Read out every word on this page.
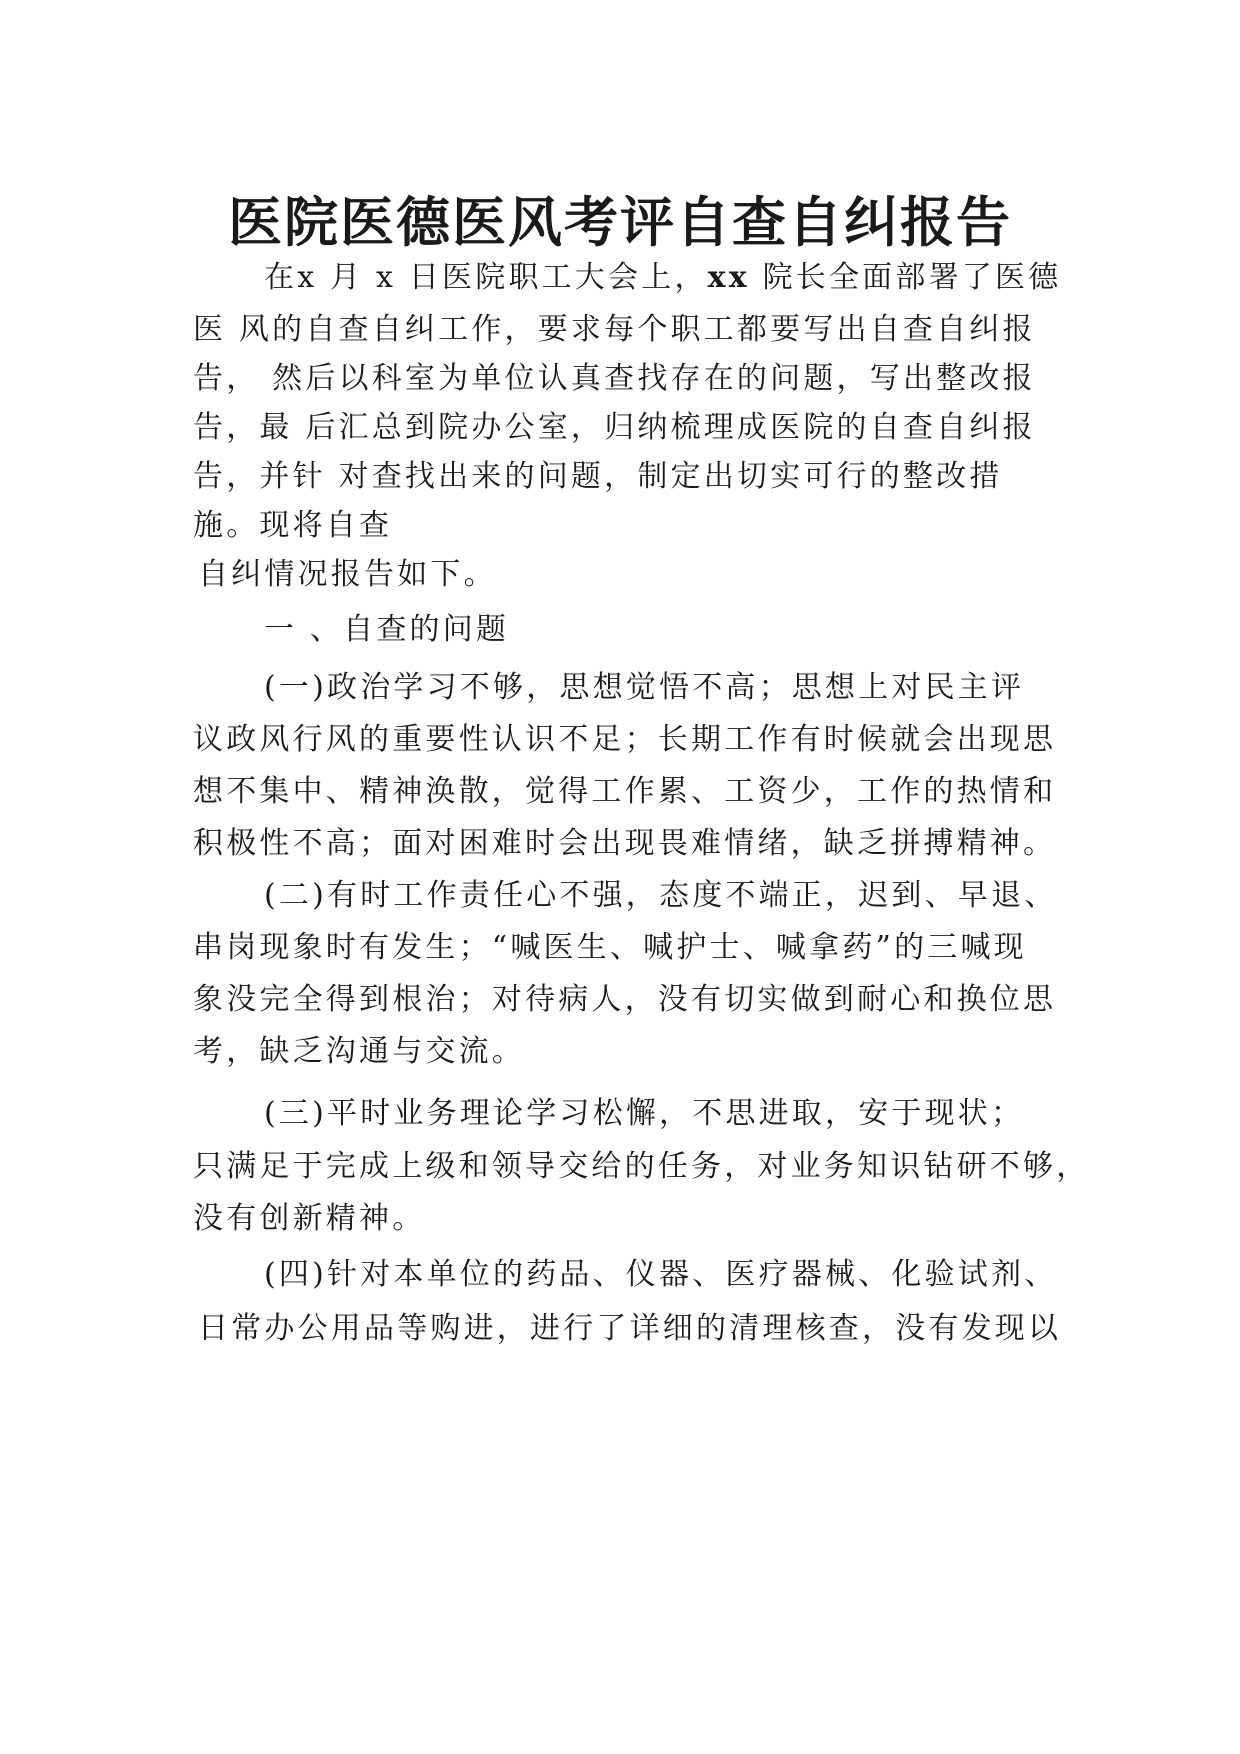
医院医德医风考评自查自纠报告

在x 月 x 日医院职工大会上，xx 院长全面部署了医德

医 风的自查自纠工作，要求每个职工都要写出自查自纠报

告， 然后以科室为单位认真查找存在的问题，写出整改报

告，最 后汇总到院办公室，归纳梳理成医院的自查自纠报

告，并针 对查找出来的问题，制定出切实可行的整改措

施。现将自查

自纠情况报告如下。

一 、自查的问题

(一)政治学习不够，思想觉悟不高；思想上对民主评

议政风行风的重要性认识不足；长期工作有时候就会出现思

想不集中、精神涣散，觉得工作累、工资少，工作的热情和

积极性不高；面对困难时会出现畏难情绪，缺乏拼搏精神。

(二)有时工作责任心不强，态度不端正，迟到、早退、

串岗现象时有发生；“喊医生、喊护士、喊拿药”的三喊现

象没完全得到根治；对待病人，没有切实做到耐心和换位思

考，缺乏沟通与交流。

(三)平时业务理论学习松懈，不思进取，安于现状；

只满足于完成上级和领导交给的任务，对业务知识钻研不够，

没有创新精神。

(四)针对本单位的药品、仪器、医疗器械、化验试剂、

日常办公用品等购进，进行了详细的清理核查，没有发现以
